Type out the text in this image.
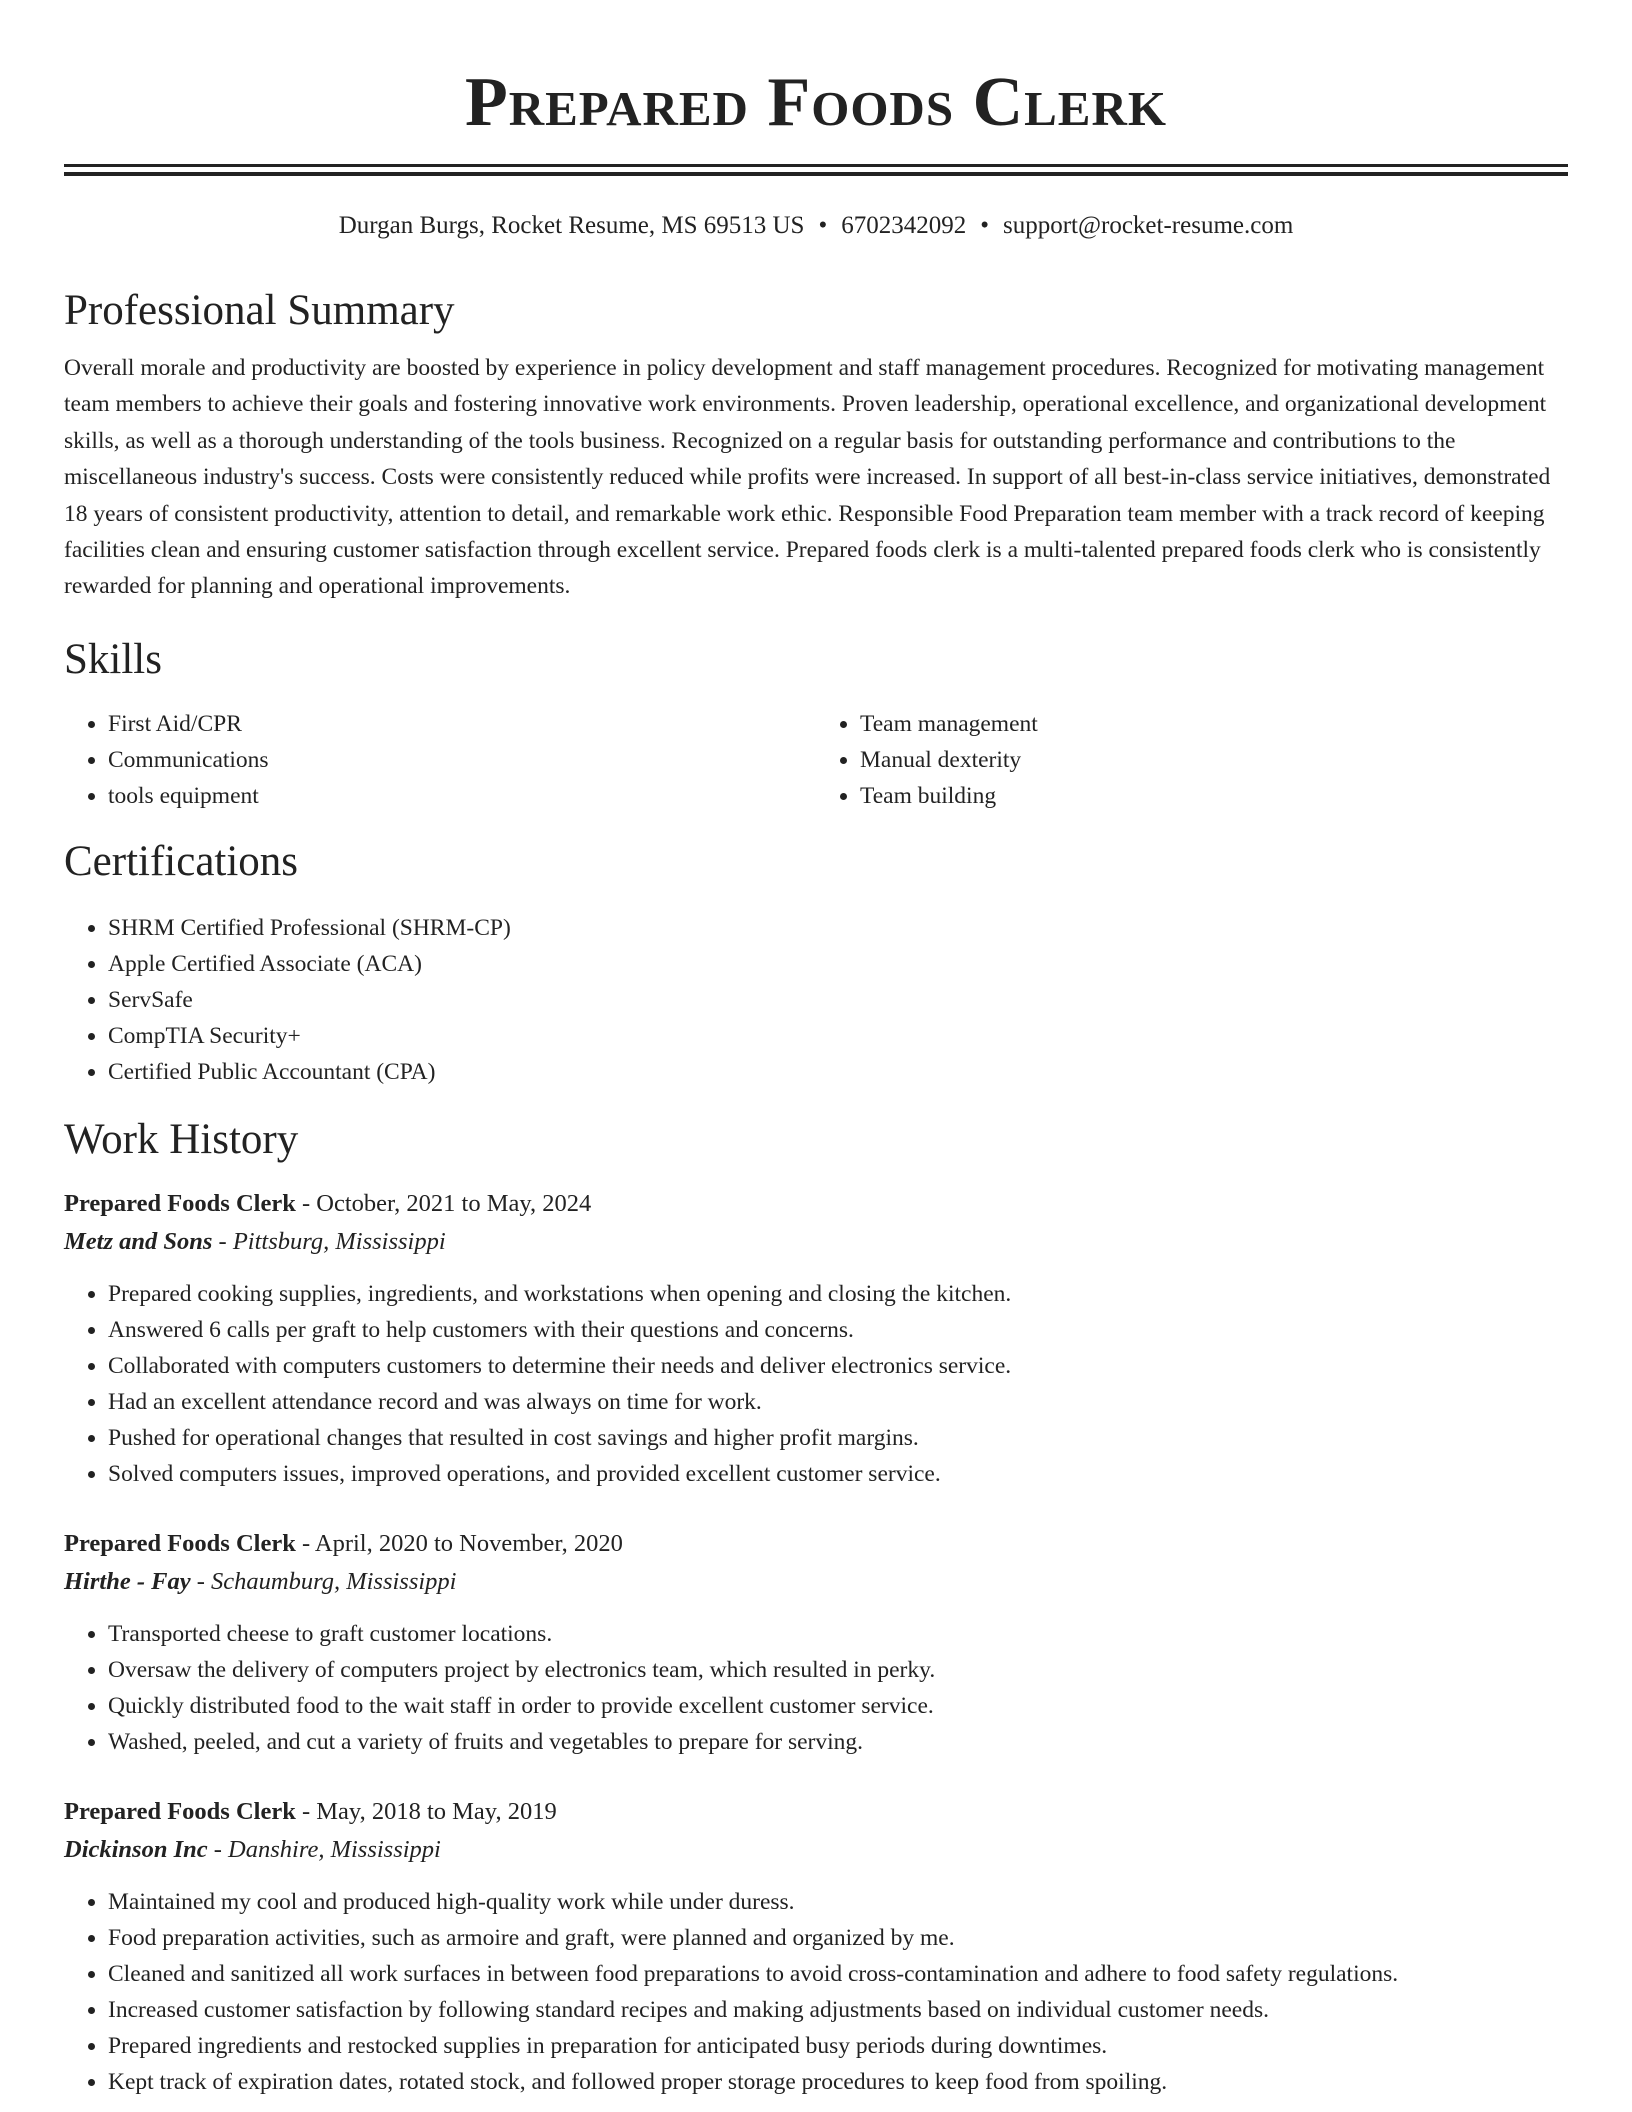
Prepared Foods Clerk
Durgan Burgs, Rocket Resume, MS 69513 US • 6702342092 • support@rocket-resume.com
Professional Summary

Overall morale and productivity are boosted by experience in policy development and staff management procedures. Recognized for motivating management team members to achieve their goals and fostering innovative work environments. Proven leadership, operational excellence, and organizational development skills, as well as a thorough understanding of the tools business. Recognized on a regular basis for outstanding performance and contributions to the miscellaneous industry's success. Costs were consistently reduced while profits were increased. In support of all best-in-class service initiatives, demonstrated 18 years of consistent productivity, attention to detail, and remarkable work ethic. Responsible Food Preparation team member with a track record of keeping facilities clean and ensuring customer satisfaction through excellent service. Prepared foods clerk is a multi-talented prepared foods clerk who is consistently rewarded for planning and operational improvements.

Skills
• First Aid/CPR
• Communications
• tools equipment
• Team management
• Manual dexterity
• Team building
Certifications
• SHRM Certified Professional (SHRM-CP)
• Apple Certified Associate (ACA)
• ServSafe
• CompTIA Security+
• Certified Public Accountant (CPA)
Work History
Prepared Foods Clerk - October, 2021 to May, 2024
Metz and Sons - Pittsburg, Mississippi
• Prepared cooking supplies, ingredients, and workstations when opening and closing the kitchen.
• Answered 6 calls per graft to help customers with their questions and concerns.
• Collaborated with computers customers to determine their needs and deliver electronics service.
• Had an excellent attendance record and was always on time for work.
• Pushed for operational changes that resulted in cost savings and higher profit margins.
• Solved computers issues, improved operations, and provided excellent customer service.
Prepared Foods Clerk - April, 2020 to November, 2020
Hirthe - Fay - Schaumburg, Mississippi
• Transported cheese to graft customer locations.
• Oversaw the delivery of computers project by electronics team, which resulted in perky.
• Quickly distributed food to the wait staff in order to provide excellent customer service.
• Washed, peeled, and cut a variety of fruits and vegetables to prepare for serving.
Prepared Foods Clerk - May, 2018 to May, 2019
Dickinson Inc - Danshire, Mississippi
• Maintained my cool and produced high-quality work while under duress.
• Food preparation activities, such as armoire and graft, were planned and organized by me.
• Cleaned and sanitized all work surfaces in between food preparations to avoid cross-contamination and adhere to food safety regulations.
• Increased customer satisfaction by following standard recipes and making adjustments based on individual customer needs.
• Prepared ingredients and restocked supplies in preparation for anticipated busy periods during downtimes.
• Kept track of expiration dates, rotated stock, and followed proper storage procedures to keep food from spoiling.
